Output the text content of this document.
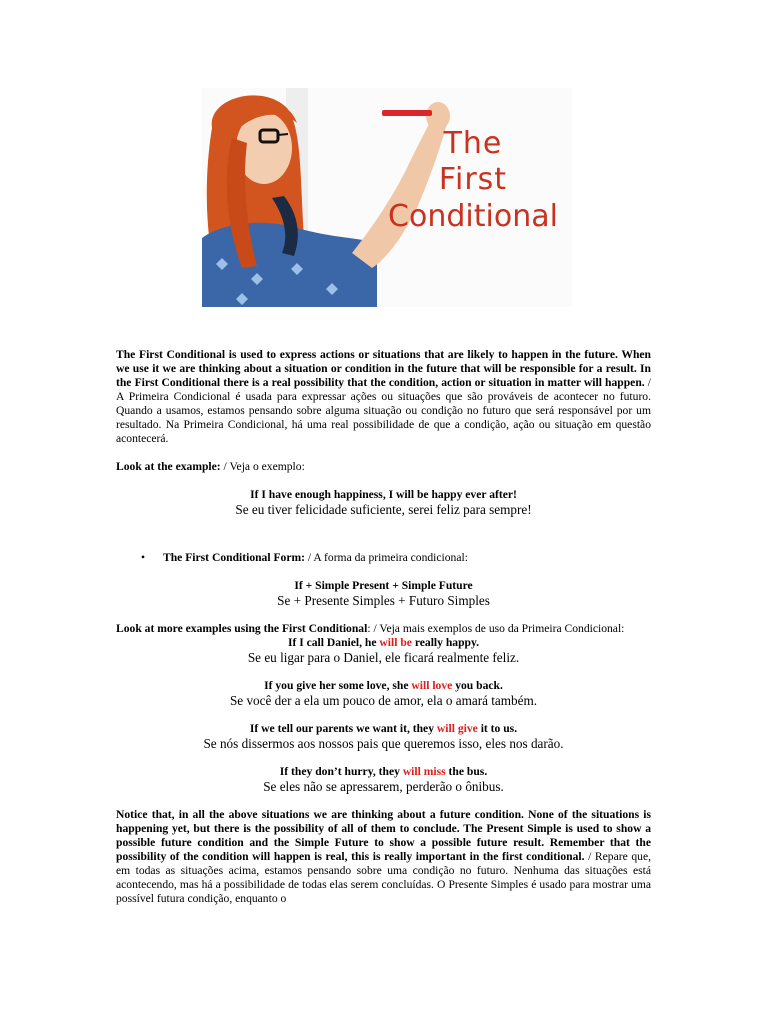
The
First
Conditional

The First Conditional is used to express actions or situations that are likely to happen in the future. When we use it we are thinking about a situation or condition in the future that will be responsible for a result. In the First Conditional there is a real possibility that the condition, action or situation in matter will happen. / A Primeira Condicional é usada para expressar ações ou situações que são prováveis de acontecer no futuro. Quando a usamos, estamos pensando sobre alguma situação ou condição no futuro que será responsável por um resultado. Na Primeira Condicional, há uma real possibilidade de que a condição, ação ou situação em questão acontecerá.

Look at the example: / Veja o exemplo:

If I have enough happiness, I will be happy ever after!
Se eu tiver felicidade suficiente, serei feliz para sempre!

• The First Conditional Form: / A forma da primeira condicional:

If + Simple Present + Simple Future
Se + Presente Simples + Futuro Simples

Look at more examples using the First Conditional: / Veja mais exemplos de uso da Primeira Condicional:

If I call Daniel, he will be really happy.
Se eu ligar para o Daniel, ele ficará realmente feliz.

If you give her some love, she will love you back.
Se você der a ela um pouco de amor, ela o amará também.

If we tell our parents we want it, they will give it to us.
Se nós dissermos aos nossos pais que queremos isso, eles nos darão.

If they don’t hurry, they will miss the bus.
Se eles não se apressarem, perderão o ônibus.

Notice that, in all the above situations we are thinking about a future condition. None of the situations is happening yet, but there is the possibility of all of them to conclude. The Present Simple is used to show a possible future condition and the Simple Future to show a possible future result. Remember that the possibility of the condition will happen is real, this is really important in the first conditional. / Repare que, em todas as situações acima, estamos pensando sobre uma condição no futuro. Nenhuma das situações está acontecendo, mas há a possibilidade de todas elas serem concluídas. O Presente Simples é usado para mostrar uma possível futura condição, enquanto o
